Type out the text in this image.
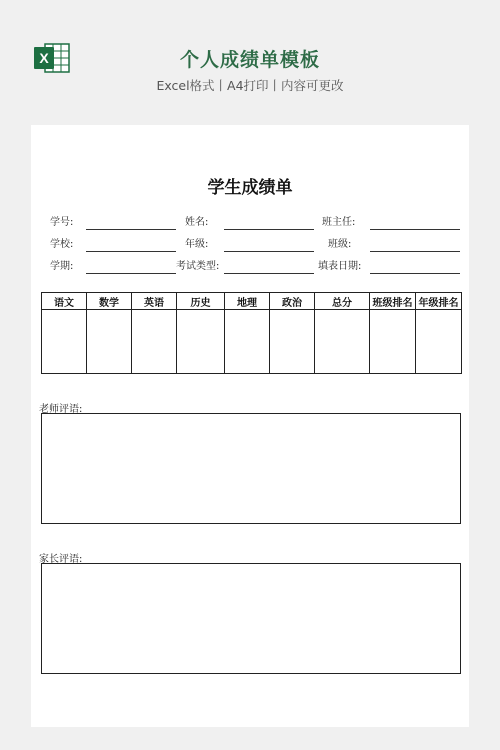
X	个人成绩单模板
Excel格式丨A4打印丨内容可更改
学生成绩单
学号:	姓名:	班主任:
学校:	年级:	班级:
学期:	考试类型:	填表日期:
语文	数学	英语	历史	地理	政治	总分	班级排名	年级排名

老师评语:
家长评语:
